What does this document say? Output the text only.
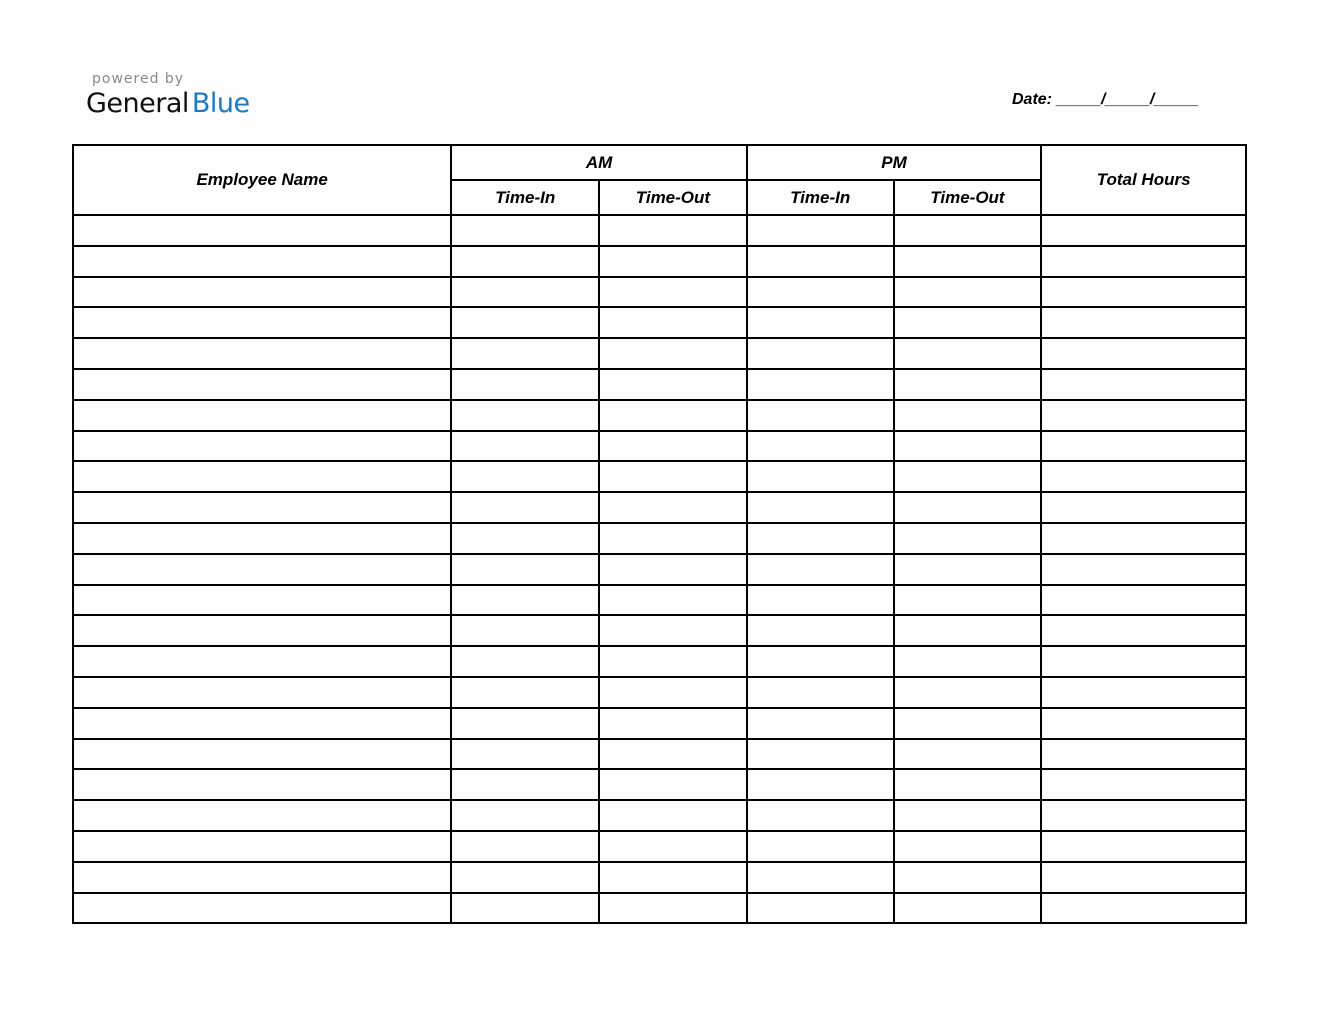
powered by
General Blue	Date: _____/_____/_____
Employee Name	AM		PM		Total Hours
	Time-In	Time-Out	Time-In	Time-Out	
